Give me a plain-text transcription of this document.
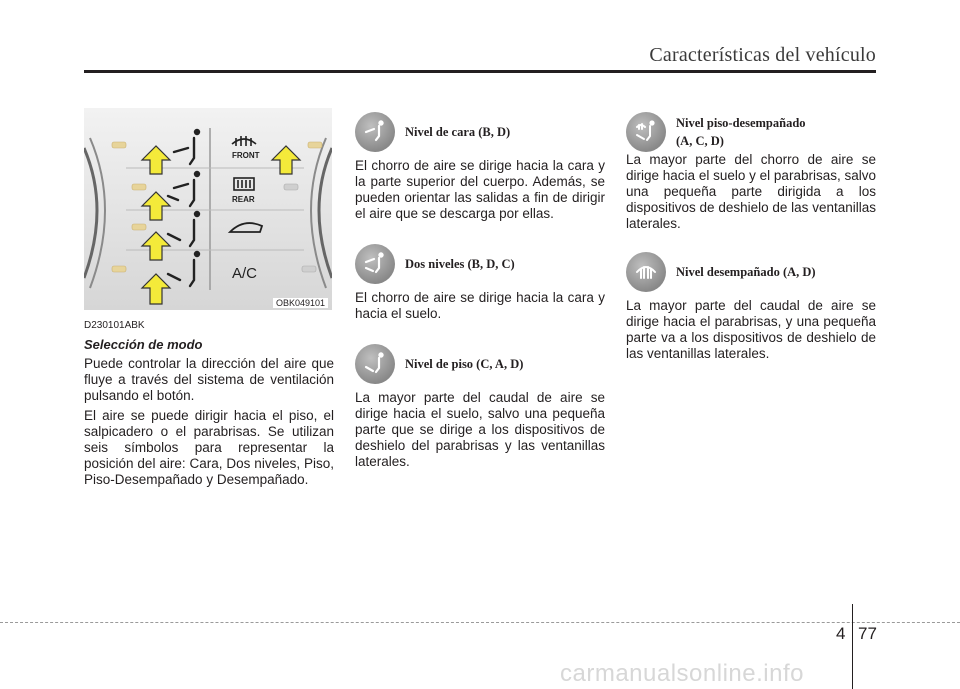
Características del vehículo
FRONT
REAR
A/C
OBK049101
D230101ABK
Selección de modo

Puede controlar la dirección del aire que fluye a través del sistema de ventilación pulsando el botón.

El aire se puede dirigir hacia el piso, el salpicadero o el parabrisas. Se utilizan seis símbolos para representar la posición del aire: Cara, Dos niveles, Piso, Piso-Desempañado y Desempañado.

Nivel de cara (B, D)

El chorro de aire se dirige hacia la cara y la parte superior del cuerpo. Además, se pueden orientar las salidas a fin de dirigir el aire que se descarga por ellas.

Dos niveles (B, D, C)

El chorro de aire se dirige hacia la cara y hacia el suelo.

Nivel de piso (C, A, D)

La mayor parte del caudal de aire se dirige hacia el suelo, salvo una pequeña parte que se dirige a los dispositivos de deshielo del parabrisas y las ventanillas laterales.

Nivel piso-desempañado
(A, C, D)

La mayor parte del chorro de aire se dirige hacia el suelo y el parabrisas, salvo una pequeña parte dirigida a los dispositivos de deshielo de las ventanillas laterales.

Nivel desempañado (A, D)

La mayor parte del caudal de aire se dirige hacia el parabrisas, y una pequeña parte va a los dispositivos de deshielo de las ventanillas laterales.

4 77
carmanualsonline.info
